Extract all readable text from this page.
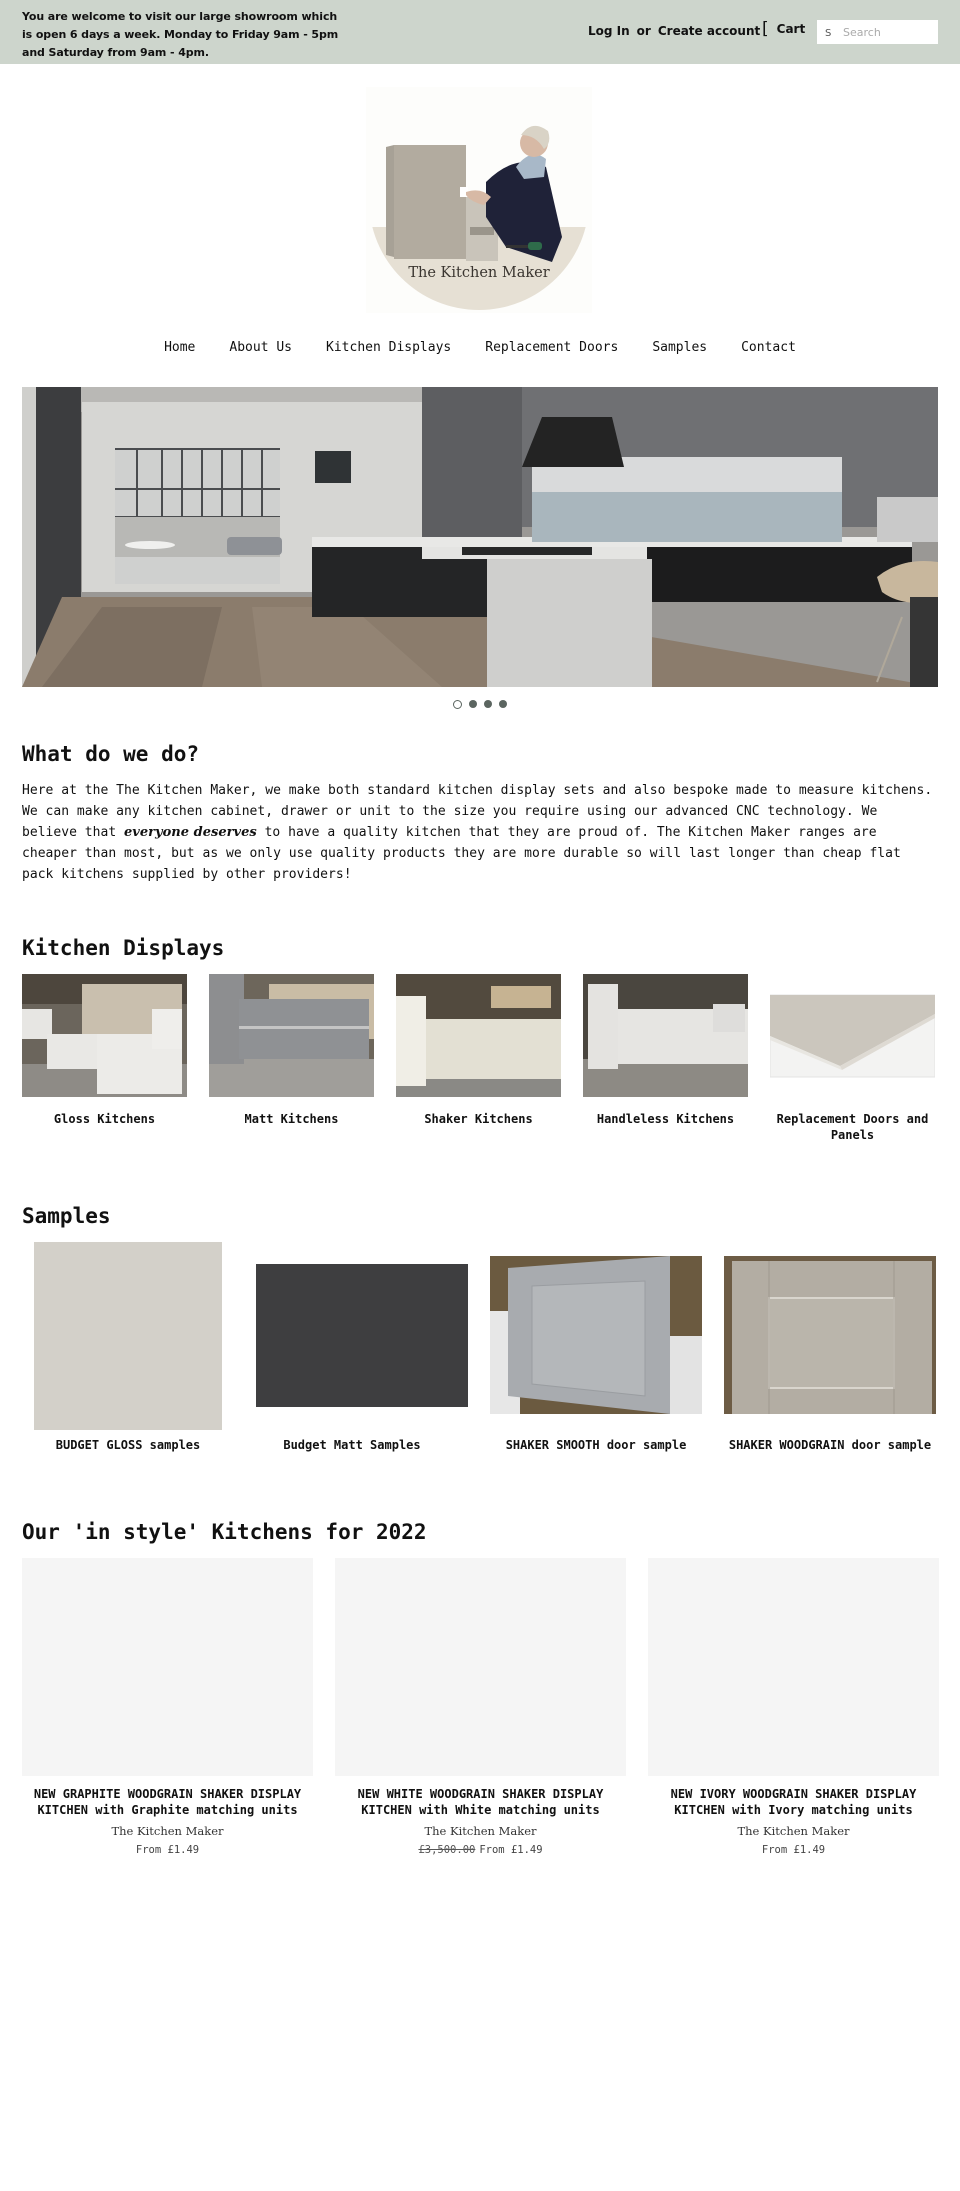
You are welcome to visit our large showroom which is open 6 days a week. Monday to Friday 9am - 5pm and Saturday from 9am - 4pm.
Log In or Create account [ Cart S
Search
The Kitchen Maker
Home	About Us	Kitchen Displays	Replacement Doors	Samples	Contact
What do we do?

Here at the The Kitchen Maker, we make both standard kitchen display sets and also bespoke made to measure kitchens. We can make any kitchen cabinet, drawer or unit to the size you require using our advanced CNC technology. We believe that everyone deserves to have a quality kitchen that they are proud of. The Kitchen Maker ranges are cheaper than most, but as we only use quality products they are more durable so will last longer than cheap flat pack kitchens supplied by other providers!

Kitchen Displays
Gloss Kitchens	Matt Kitchens	Shaker Kitchens	Handleless Kitchens	Replacement Doors and Panels
Samples
BUDGET GLOSS samples	Budget Matt Samples	SHAKER SMOOTH door sample	SHAKER WOODGRAIN door sample
Our 'in style' Kitchens for 2022
NEW GRAPHITE WOODGRAIN SHAKER DISPLAY KITCHEN with Graphite matching units
The Kitchen Maker
From £1.49
NEW WHITE WOODGRAIN SHAKER DISPLAY KITCHEN with White matching units
The Kitchen Maker
£3,500.00 From £1.49
NEW IVORY WOODGRAIN SHAKER DISPLAY KITCHEN with Ivory matching units
The Kitchen Maker
From £1.49
